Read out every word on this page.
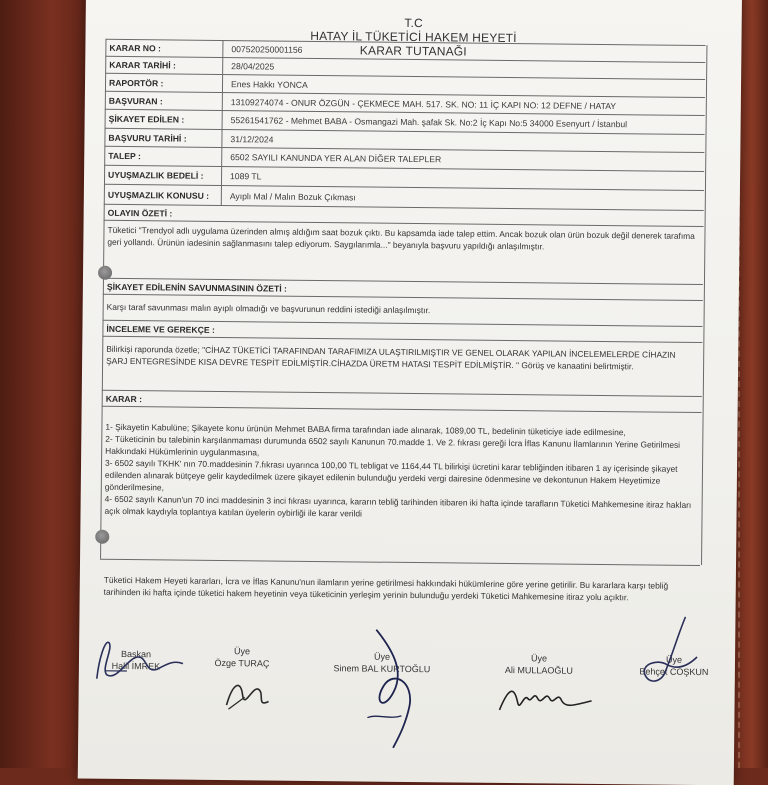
T.C
HATAY İL TÜKETİCİ HAKEM HEYETİ
KARAR TUTANAĞI
KARAR NO :	007520250001156
KARAR TARİHİ :	28/04/2025
RAPORTÖR :	Enes Hakkı YONCA
BAŞVURAN :	13109274074 - ONUR ÖZGÜN - ÇEKMECE MAH. 517. SK. NO: 11 İÇ KAPI NO: 12 DEFNE / HATAY
ŞİKAYET EDİLEN :	55261541762 - Mehmet BABA - Osmangazi Mah. şafak Sk. No:2 İç Kapı No:5 34000 Esenyurt / İstanbul
BAŞVURU TARİHİ :	31/12/2024
TALEP :	6502 SAYILI KANUNDA YER ALAN DİĞER TALEPLER
UYUŞMAZLIK BEDELİ :	1089 TL
UYUŞMAZLIK KONUSU :	Ayıplı Mal / Malın Bozuk Çıkması
OLAYIN ÖZETİ :
Tüketici "Trendyol adlı uygulama üzerinden almış aldığım saat bozuk çıktı. Bu kapsamda iade talep ettim. Ancak bozuk olan ürün bozuk değil denerek tarafıma geri yollandı. Ürünün iadesinin sağlanmasını talep ediyorum. Saygılarımla..." beyanıyla başvuru yapıldığı anlaşılmıştır.
ŞİKAYET EDİLENİN SAVUNMASININ ÖZETİ :
Karşı taraf savunması malın ayıplı olmadığı ve başvurunun reddini istediği anlaşılmıştır.
İNCELEME VE GEREKÇE :
Bilirkişi raporunda özetle; "CİHAZ TÜKETİCİ TARAFINDAN TARAFIMIZA ULAŞTIRILMIŞTIR VE GENEL OLARAK YAPILAN İNCELEMELERDE CİHAZIN ŞARJ ENTEGRESİNDE KISA DEVRE TESPİT EDİLMİŞTİR.CİHAZDA ÜRETM HATASI TESPİT EDİLMİŞTİR. " Görüş ve kanaatini belirtmiştir.
KARAR :
1- Şikayetin Kabulüne; Şikayete konu ürünün Mehmet BABA firma tarafından iade alınarak, 1089,00 TL, bedelinin tüketiciye iade edilmesine,
2- Tüketicinin bu talebinin karşılanmaması durumunda 6502 sayılı Kanunun 70.madde 1. Ve 2. fıkrası gereği İcra İflas Kanunu İlamlarının Yerine Getirilmesi Hakkındaki Hükümlerinin uygulanmasına,
3- 6502 sayılı TKHK' nın 70.maddesinin 7.fıkrası uyarınca 100,00 TL tebligat ve 1164,44 TL bilirkişi ücretini karar tebliğinden itibaren 1 ay içerisinde şikayet edilenden alınarak bütçeye gelir kaydedilmek üzere şikayet edilenin bulunduğu yerdeki vergi dairesine ödenmesine ve dekontunun Hakem Heyetimize gönderilmesine,
4- 6502 sayılı Kanun'un 70 inci maddesinin 3 inci fıkrası uyarınca, kararın tebliğ tarihinden itibaren iki hafta içinde tarafların Tüketici Mahkemesine itiraz hakları açık olmak kaydıyla toplantıya katılan üyelerin oybirliği ile karar verildi
Tüketici Hakem Heyeti kararları, İcra ve İflas Kanunu'nun ilamların yerine getirilmesi hakkındaki hükümlerine göre yerine getirilir. Bu kararlara karşı tebliğ tarihinden iki hafta içinde tüketici hakem heyetinin veya tüketicinin yerleşim yerinin bulunduğu yerdeki Tüketici Mahkemesine itiraz yolu açıktır.
Başkan
Halil İMREK
Üye
Özge TURAÇ
Üye
Sinem BAL KURTOĞLU
Üye
Ali MULLAOĞLU
Üye
Behçet COŞKUN
